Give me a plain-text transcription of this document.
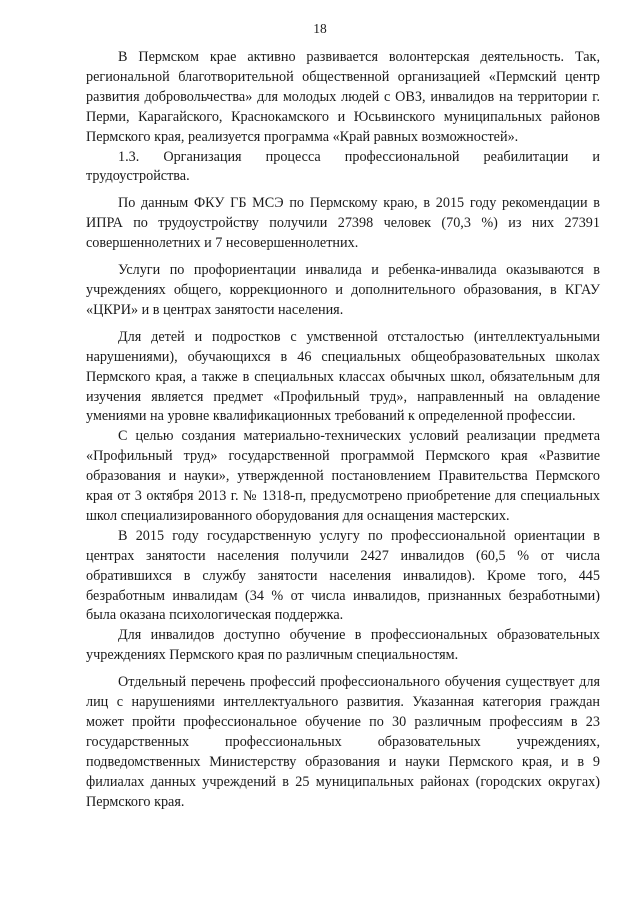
18

В Пермском крае активно развивается волонтерская деятельность. Так, региональной благотворительной общественной организацией «Пермский центр развития добровольчества» для молодых людей с ОВЗ, инвалидов на территории г. Перми, Карагайского, Краснокамского и Юсьвинского муниципальных районов Пермского края, реализуется программа «Край равных возможностей».

1.3. Организация процесса профессиональной реабилитации и трудоустройства.

По данным ФКУ ГБ МСЭ по Пермскому краю, в 2015 году рекомендации в ИПРА по трудоустройству получили 27398 человек (70,3 %) из них 27391 совершеннолетних и 7 несовершеннолетних.

Услуги по профориентации инвалида и ребенка-инвалида оказываются в учреждениях общего, коррекционного и дополнительного образования, в КГАУ «ЦКРИ» и в центрах занятости населения.

Для детей и подростков с умственной отсталостью (интеллектуальными нарушениями), обучающихся в 46 специальных общеобразовательных школах Пермского края, а также в специальных классах обычных школ, обязательным для изучения является предмет «Профильный труд», направленный на овладение умениями на уровне квалификационных требований к определенной профессии.

С целью создания материально-технических условий реализации предмета «Профильный труд» государственной программой Пермского края «Развитие образования и науки», утвержденной постановлением Правительства Пермского края от 3 октября 2013 г. № 1318-п, предусмотрено приобретение для специальных школ специализированного оборудования для оснащения мастерских.

В 2015 году государственную услугу по профессиональной ориентации в центрах занятости населения получили 2427 инвалидов (60,5 % от числа обратившихся в службу занятости населения инвалидов). Кроме того, 445 безработным инвалидам (34 % от числа инвалидов, признанных безработными) была оказана психологическая поддержка.

Для инвалидов доступно обучение в профессиональных образовательных учреждениях Пермского края по различным специальностям.

Отдельный перечень профессий профессионального обучения существует для лиц с нарушениями интеллектуального развития. Указанная категория граждан может пройти профессиональное обучение по 30 различным профессиям в 23 государственных профессиональных образовательных учреждениях, подведомственных Министерству образования и науки Пермского края, и в 9 филиалах данных учреждений в 25 муниципальных районах (городских округах) Пермского края.
